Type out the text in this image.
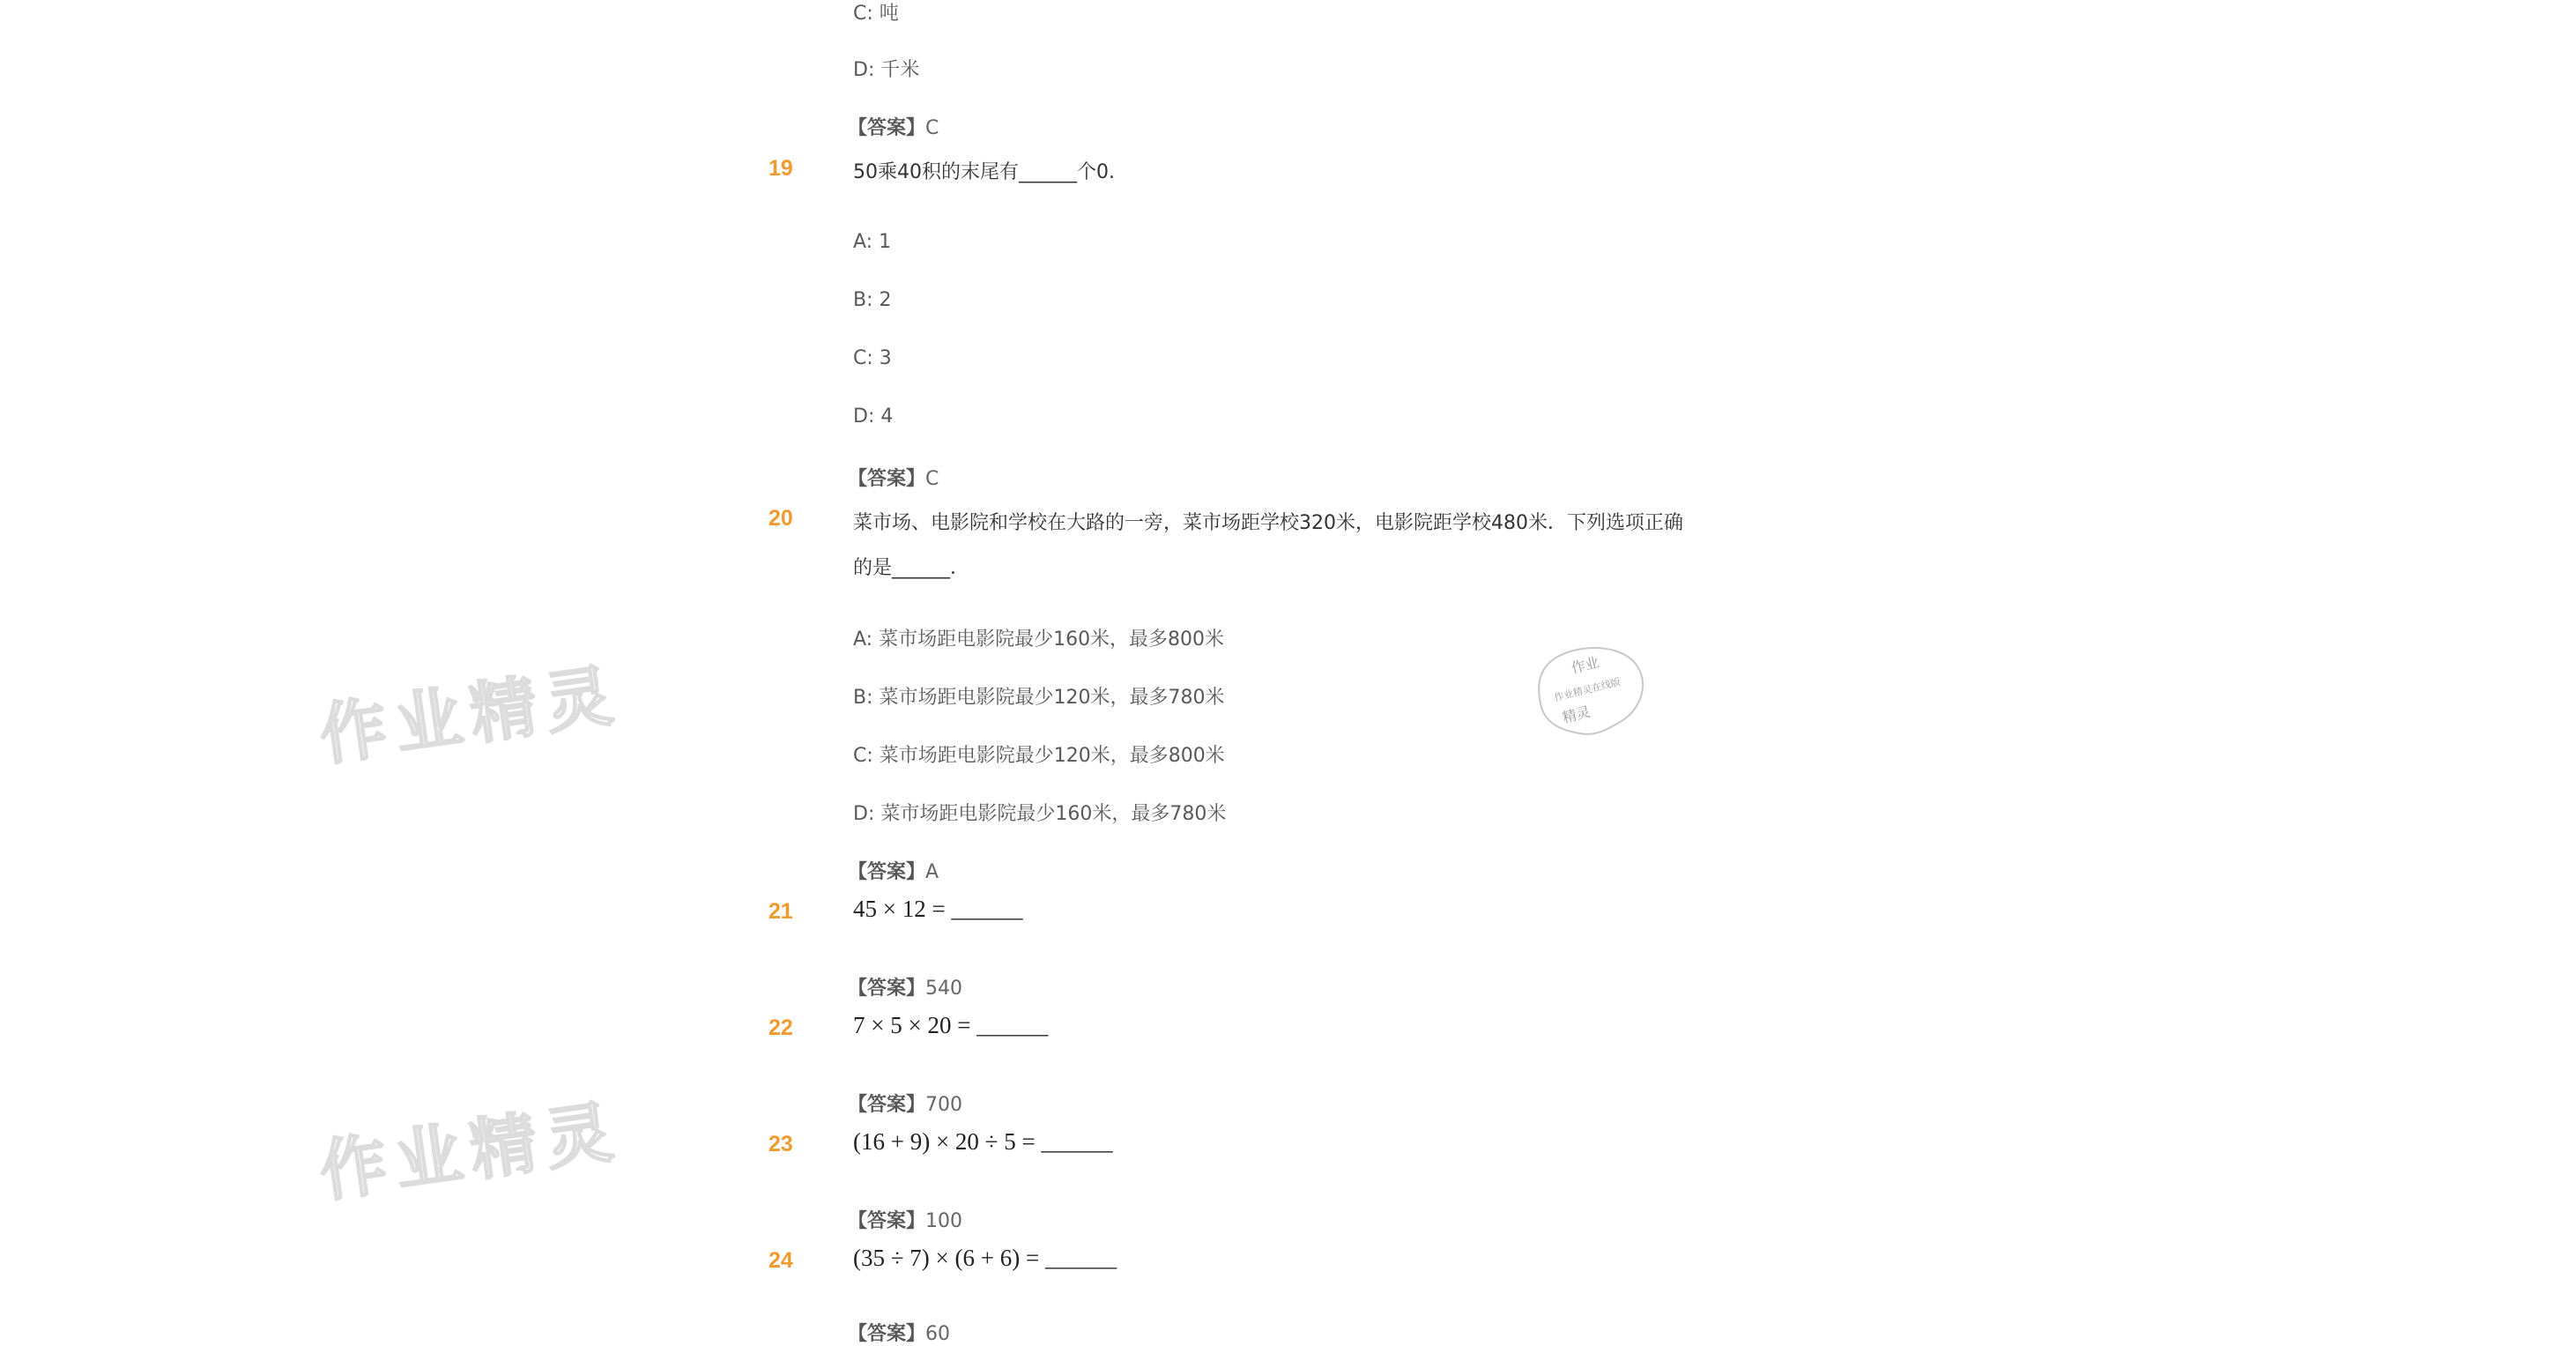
C: 吨
D: 千米
【答案】C
19	50乘40积的末尾有______个0.
A: 1
B: 2
C: 3
D: 4
【答案】C
20	菜市场、电影院和学校在大路的一旁，菜市场距学校320米，电影院距学校480米．下列选项正确
的是______．
A: 菜市场距电影院最少160米，最多800米
B: 菜市场距电影院最少120米，最多780米
C: 菜市场距电影院最少120米，最多800米
D: 菜市场距电影院最少160米，最多780米
【答案】A
21	45 × 12 = ______
【答案】540
22	7 × 5 × 20 = ______
【答案】700
23	(16 + 9) × 20 ÷ 5 = ______
【答案】100
24	(35 ÷ 7) × (6 + 6) = ______
【答案】60
作业精灵
作业精灵
作业
作业精灵在线版
精灵
